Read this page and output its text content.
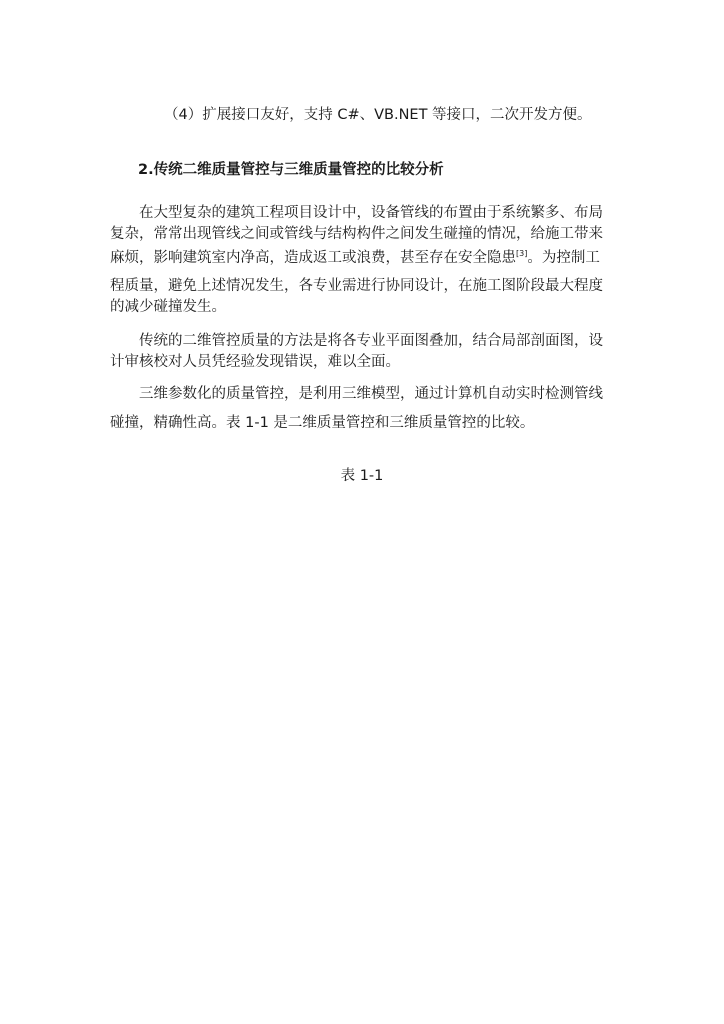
（4）扩展接口友好，支持 C#、VB.NET 等接口，二次开发方便。
2.传统二维质量管控与三维质量管控的比较分析
在大型复杂的建筑工程项目设计中，设备管线的布置由于系统繁多、布局
复杂，常常出现管线之间或管线与结构构件之间发生碰撞的情况，给施工带来
麻烦，影响建筑室内净高，造成返工或浪费，甚至存在安全隐患[3]。为控制工
程质量，避免上述情况发生，各专业需进行协同设计，在施工图阶段最大程度
的减少碰撞发生。
传统的二维管控质量的方法是将各专业平面图叠加，结合局部剖面图，设
计审核校对人员凭经验发现错误，难以全面。
三维参数化的质量管控，是利用三维模型，通过计算机自动实时检测管线
碰撞，精确性高。表 1-1 是二维质量管控和三维质量管控的比较。
表 1-1
